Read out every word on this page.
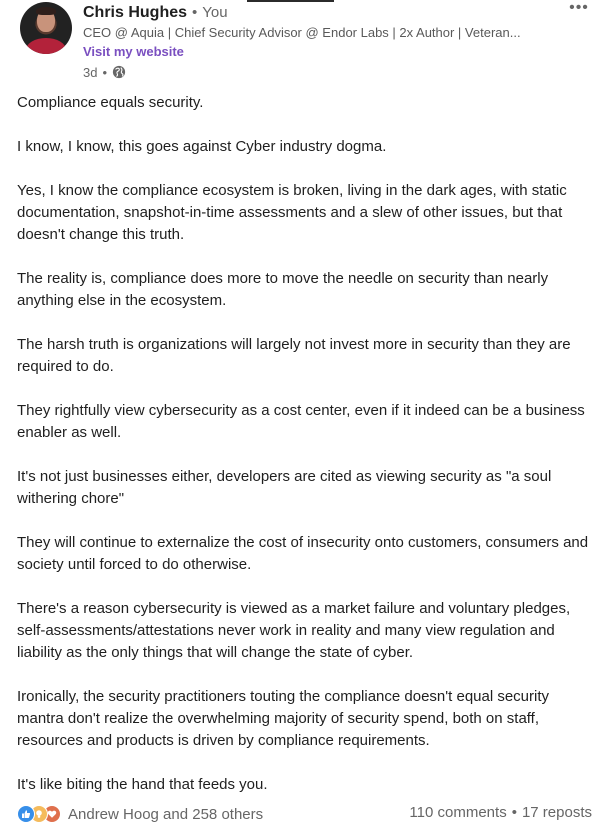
Chris Hughes • You
CEO @ Aquia | Chief Security Advisor @ Endor Labs | 2x Author | Veteran...
Visit my website
3d •
•••

Compliance equals security.

I know, I know, this goes against Cyber industry dogma.

Yes, I know the compliance ecosystem is broken, living in the dark ages, with static documentation, snapshot-in-time assessments and a slew of other issues, but that doesn't change this truth.

The reality is, compliance does more to move the needle on security than nearly anything else in the ecosystem.

The harsh truth is organizations will largely not invest more in security than they are required to do.

They rightfully view cybersecurity as a cost center, even if it indeed can be a business enabler as well.

It's not just businesses either, developers are cited as viewing security as "a soul withering chore"

They will continue to externalize the cost of insecurity onto customers, consumers and society until forced to do otherwise.

There's a reason cybersecurity is viewed as a market failure and voluntary pledges, self-assessments/attestations never work in reality and many view regulation and liability as the only things that will change the state of cyber.

Ironically, the security practitioners touting the compliance doesn't equal security mantra don't realize the overwhelming majority of security spend, both on staff, resources and products is driven by compliance requirements.

It's like biting the hand that feeds you.

Andrew Hoog and 258 others	110 comments • 17 reposts
